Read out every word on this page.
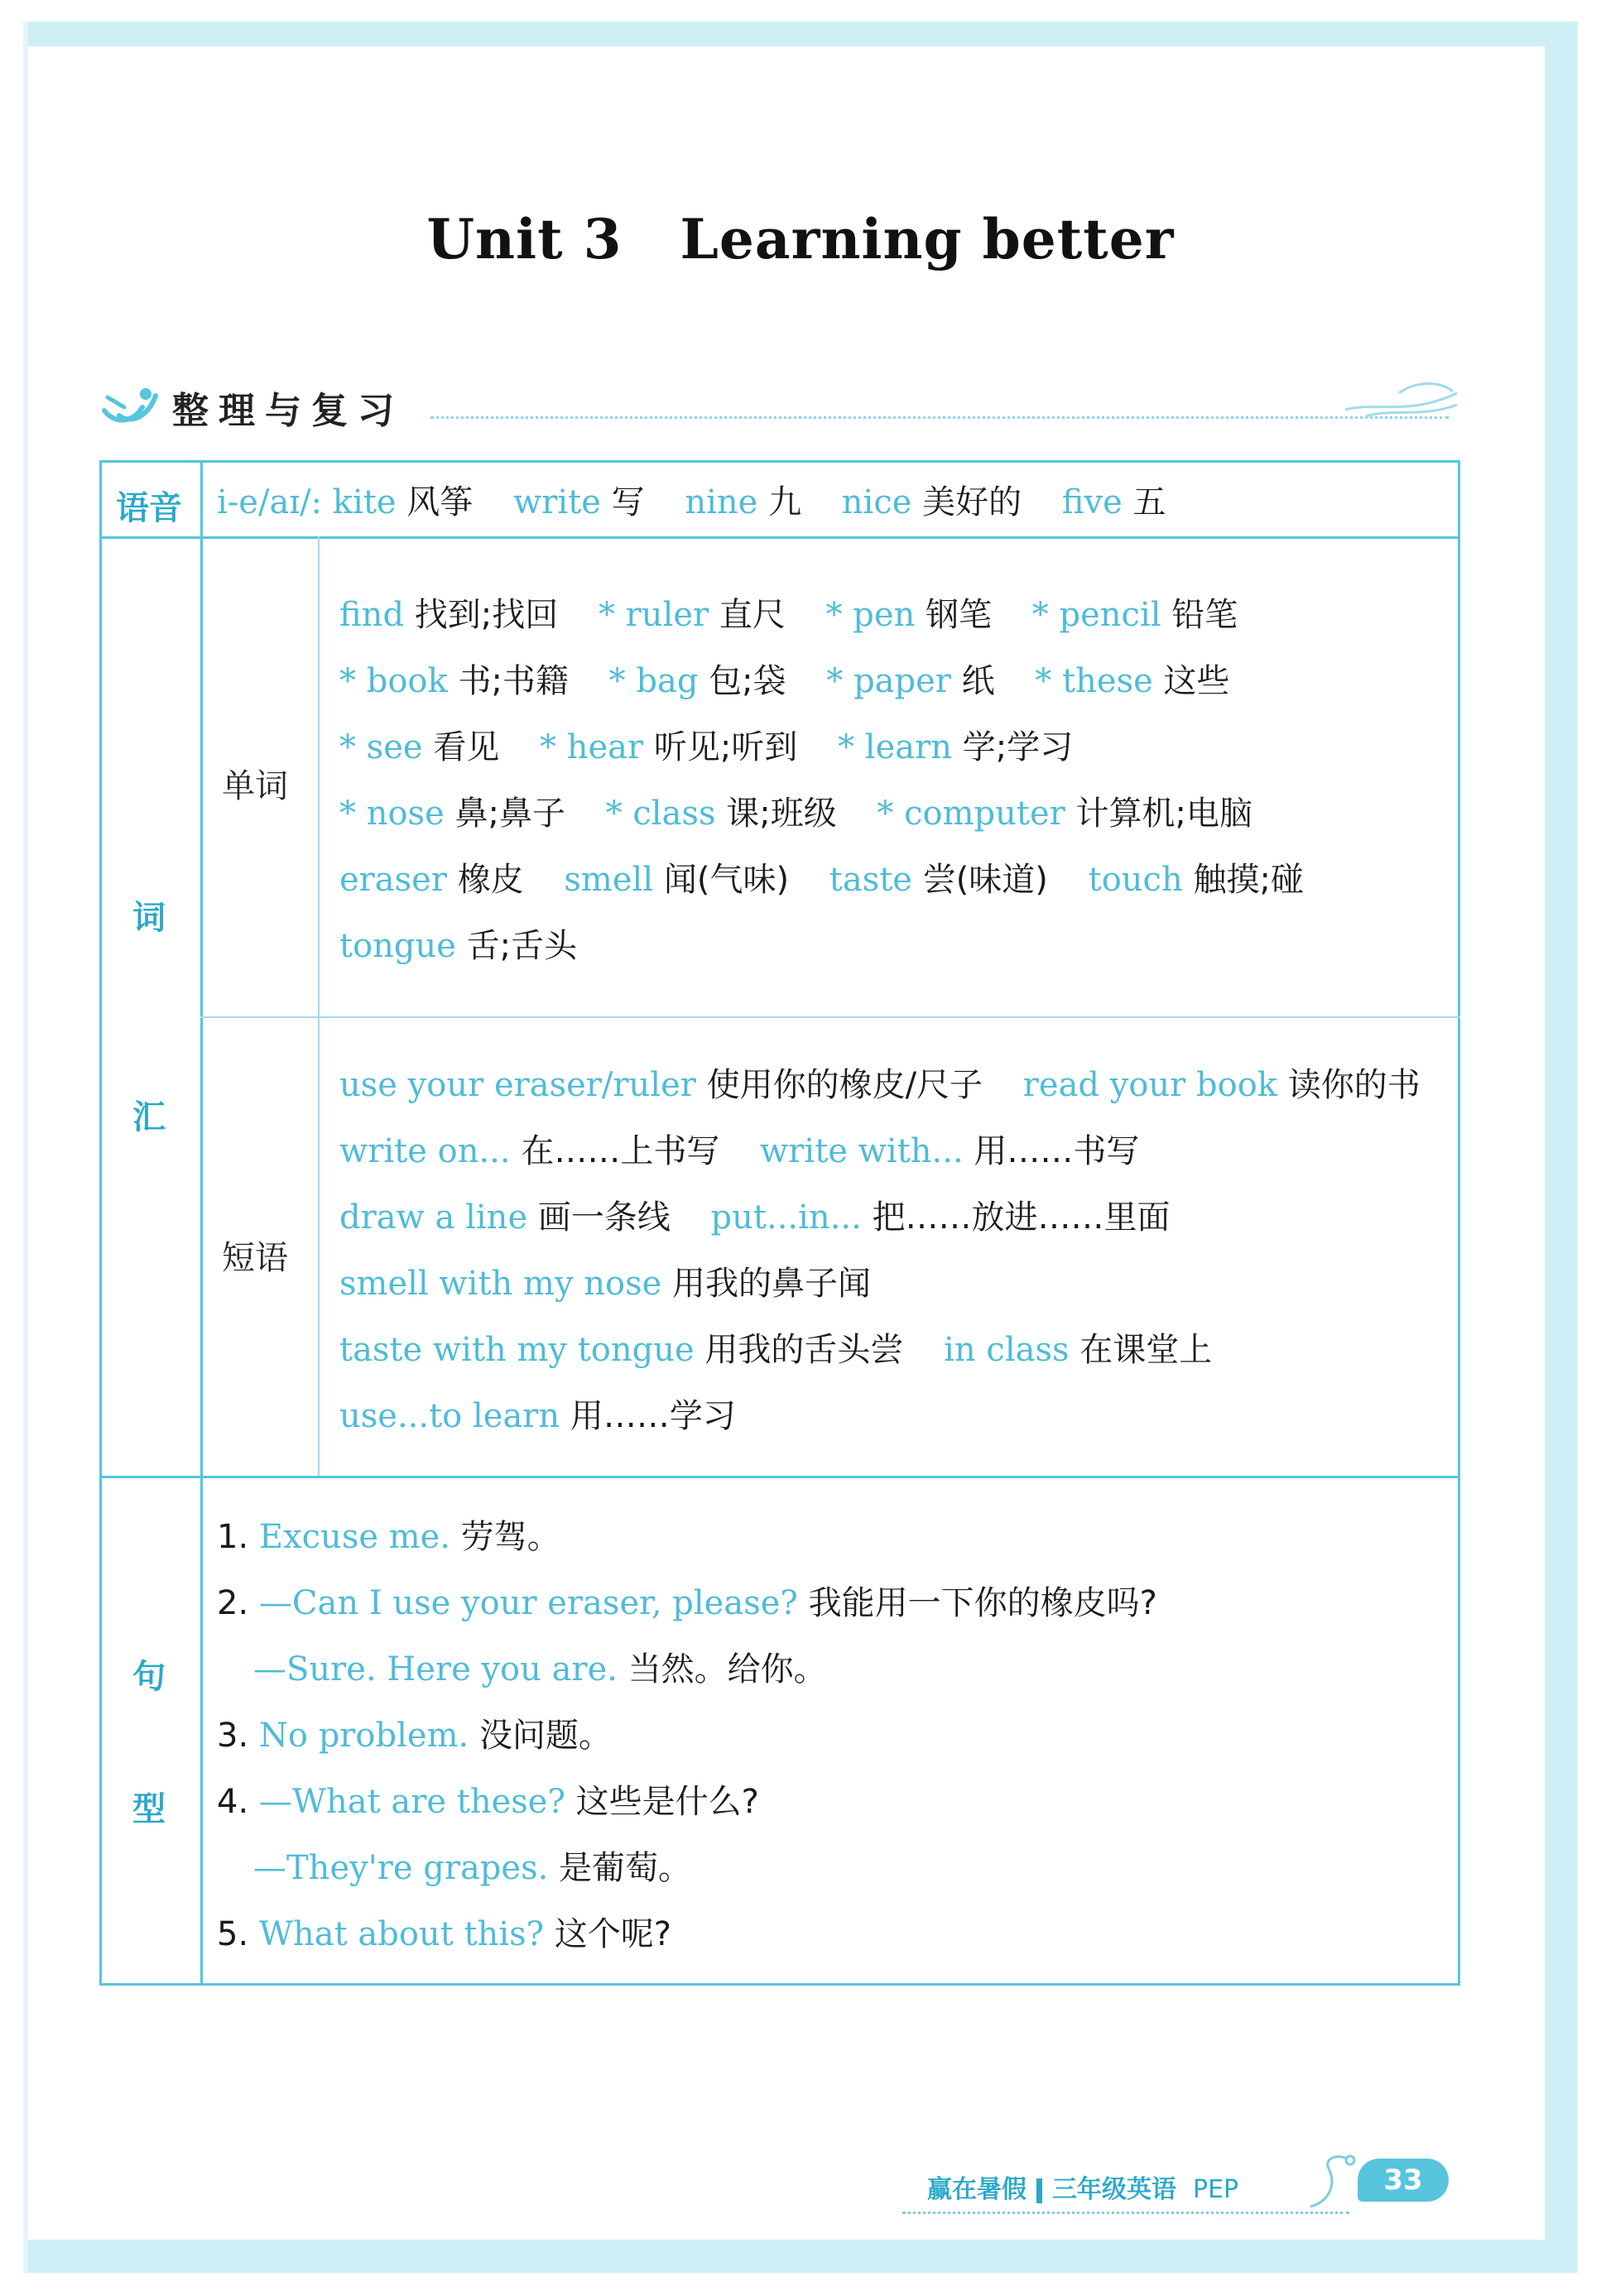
Unit 3 Learning better
整理与复习
语音 i-e/aɪ/: kite 风筝 write 写 nine 九 nice 美好的 five 五
词
汇
单词
find 找到;找回 * ruler 直尺 * pen 钢笔 * pencil 铅笔
* book 书;书籍 * bag 包;袋 * paper 纸 * these 这些
* see 看见 * hear 听见;听到 * learn 学;学习
* nose 鼻;鼻子 * class 课;班级 * computer 计算机;电脑
eraser 橡皮 smell 闻(气味) taste 尝(味道) touch 触摸;碰
tongue 舌;舌头
短语
use your eraser/ruler 使用你的橡皮/尺子 read your book 读你的书
write on... 在……上书写 write with... 用……书写
draw a line 画一条线 put...in... 把……放进……里面
smell with my nose 用我的鼻子闻
taste with my tongue 用我的舌头尝 in class 在课堂上
use...to learn 用……学习
句
型
1. Excuse me. 劳驾。
2. —Can I use your eraser, please? 我能用一下你的橡皮吗?
—Sure. Here you are. 当然。给你。
3. No problem. 没问题。
4. —What are these? 这些是什么?
—They're grapes. 是葡萄。
5. What about this? 这个呢?
赢在暑假 三年级英语 PEP	33
